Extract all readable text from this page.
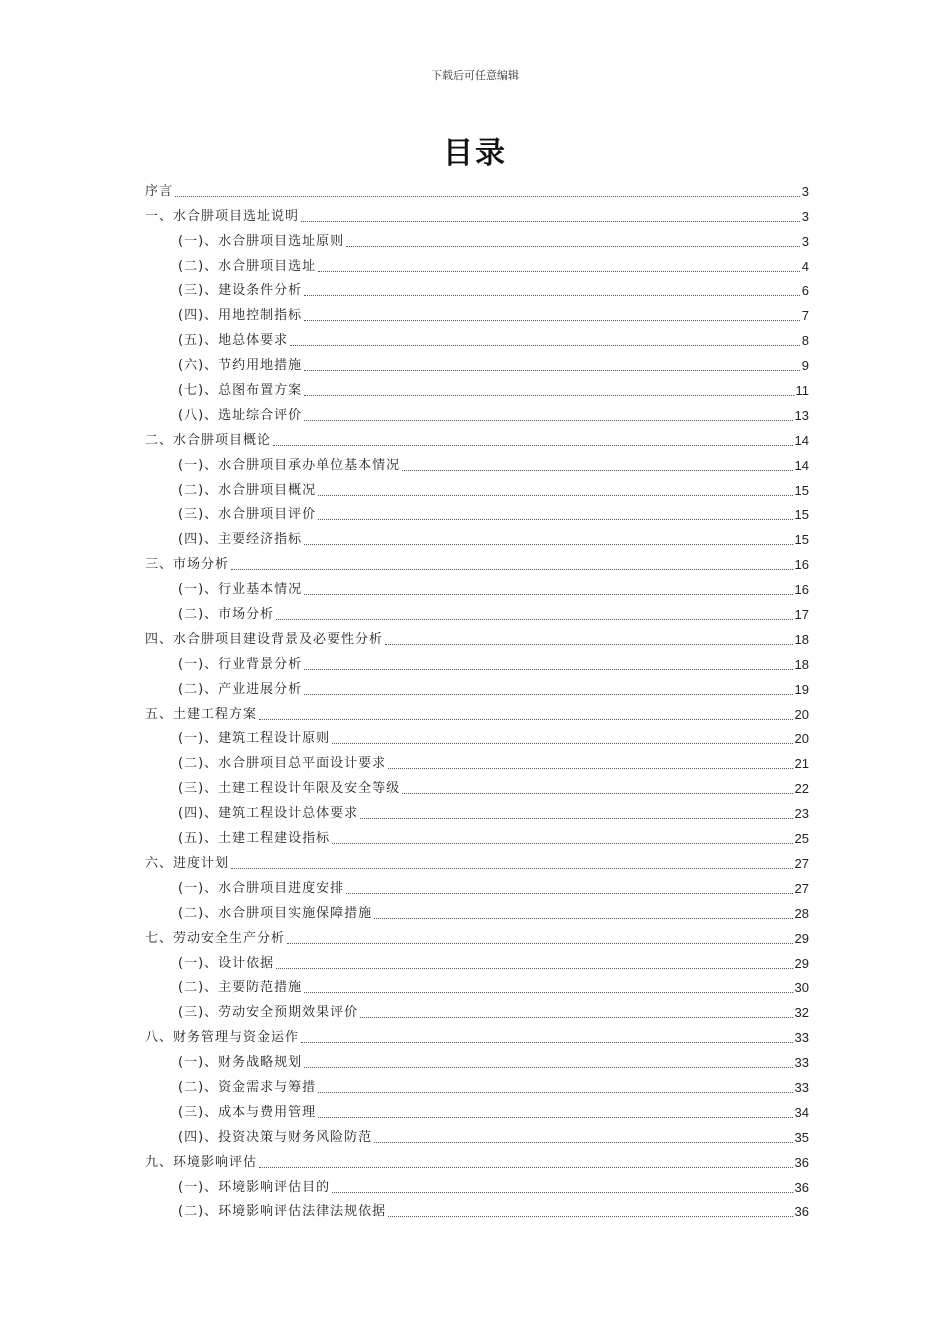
下载后可任意编辑
目录
序言	3
一、水合肼项目选址说明	3
(一)、水合肼项目选址原则	3
(二)、水合肼项目选址	4
(三)、建设条件分析	6
(四)、用地控制指标	7
(五)、地总体要求	8
(六)、节约用地措施	9
(七)、总图布置方案	11
(八)、选址综合评价	13
二、水合肼项目概论	14
(一)、水合肼项目承办单位基本情况	14
(二)、水合肼项目概况	15
(三)、水合肼项目评价	15
(四)、主要经济指标	15
三、市场分析	16
(一)、行业基本情况	16
(二)、市场分析	17
四、水合肼项目建设背景及必要性分析	18
(一)、行业背景分析	18
(二)、产业进展分析	19
五、土建工程方案	20
(一)、建筑工程设计原则	20
(二)、水合肼项目总平面设计要求	21
(三)、土建工程设计年限及安全等级	22
(四)、建筑工程设计总体要求	23
(五)、土建工程建设指标	25
六、进度计划	27
(一)、水合肼项目进度安排	27
(二)、水合肼项目实施保障措施	28
七、劳动安全生产分析	29
(一)、设计依据	29
(二)、主要防范措施	30
(三)、劳动安全预期效果评价	32
八、财务管理与资金运作	33
(一)、财务战略规划	33
(二)、资金需求与筹措	33
(三)、成本与费用管理	34
(四)、投资决策与财务风险防范	35
九、环境影响评估	36
(一)、环境影响评估目的	36
(二)、环境影响评估法律法规依据	36
